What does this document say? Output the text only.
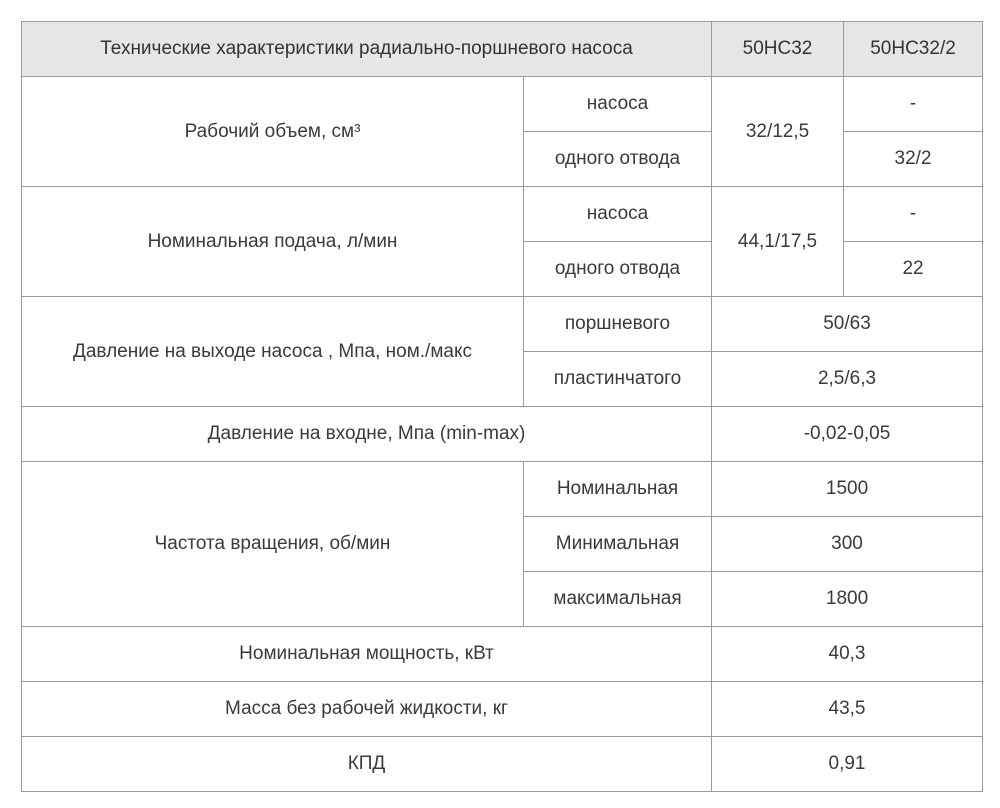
Технические характеристики радиально-поршневого насоса		50НС32	50НС32/2
Рабочий объем, см³	насоса	32/12,5	-
	одного отвода		32/2
Номинальная подача, л/мин	насоса	44,1/17,5	-
	одного отвода		22
Давление на выходе насоса , Мпа, ном./макс	поршневого	50/63	
	пластинчатого	2,5/6,3	
Давление на входне, Мпа (min-max)		-0,02-0,05	
Частота вращения, об/мин	Номинальная	1500	
	Минимальная	300	
	максимальная	1800	
Номинальная мощность, кВт		40,3	
Масса без рабочей жидкости, кг		43,5	
КПД		0,91	
